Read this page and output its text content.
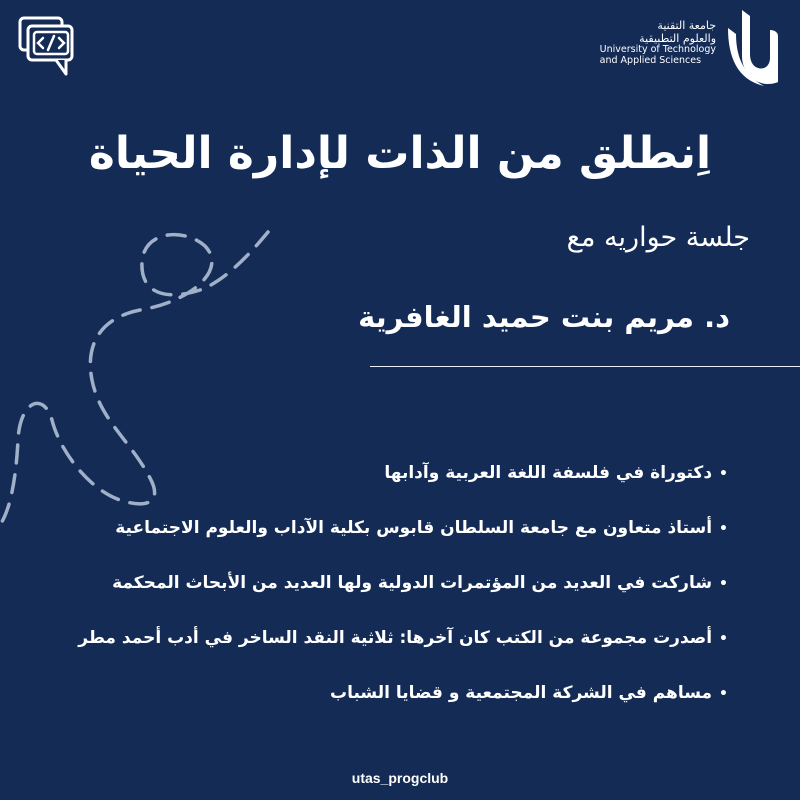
جامعة التقنية
والعلوم التطبيقية
University of Technology
and Applied Sciences
اِنطلق من الذات لإدارة الحياة
جلسة حواريه مع
د. مريم بنت حميد الغافرية
•دكتوراة في فلسفة اللغة العربية وآدابها
•أستاذ متعاون مع جامعة السلطان قابوس بكلية الآداب والعلوم الاجتماعية
•شاركت في العديد من المؤتمرات الدولية ولها العديد من الأبحاث المحكمة
•أصدرت مجموعة من الكتب كان آخرها: ثلاثية النقد الساخر في أدب أحمد مطر
•مساهم في الشركة المجتمعية و قضايا الشباب
utas_progclub
